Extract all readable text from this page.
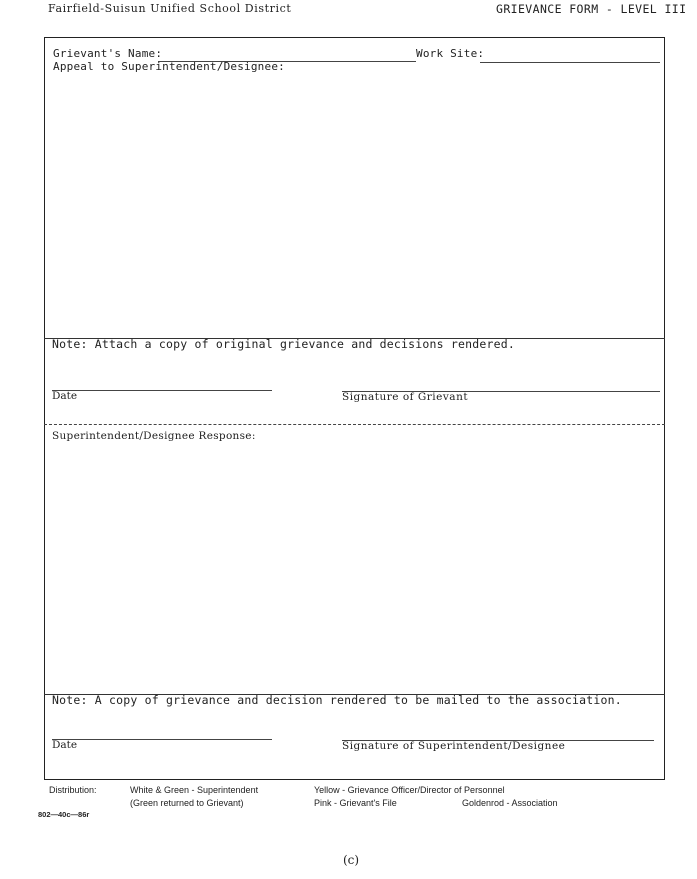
Fairfield-Suisun Unified School District	GRIEVANCE FORM - LEVEL III
Grievant's Name:	Work Site:
Appeal to Superintendent/Designee:
Note: Attach a copy of original grievance and decisions rendered.
Date	Signature of Grievant
Superintendent/Designee Response:
Note: A copy of grievance and decision rendered to be mailed to the association.
Date	Signature of Superintendent/Designee
Distribution:	White & Green - Superintendent
(Green returned to Grievant)
Yellow - Grievance Officer/Director of Personnel
Pink - Grievant's File	Goldenrod - Association
802—40c—86r
(c)
